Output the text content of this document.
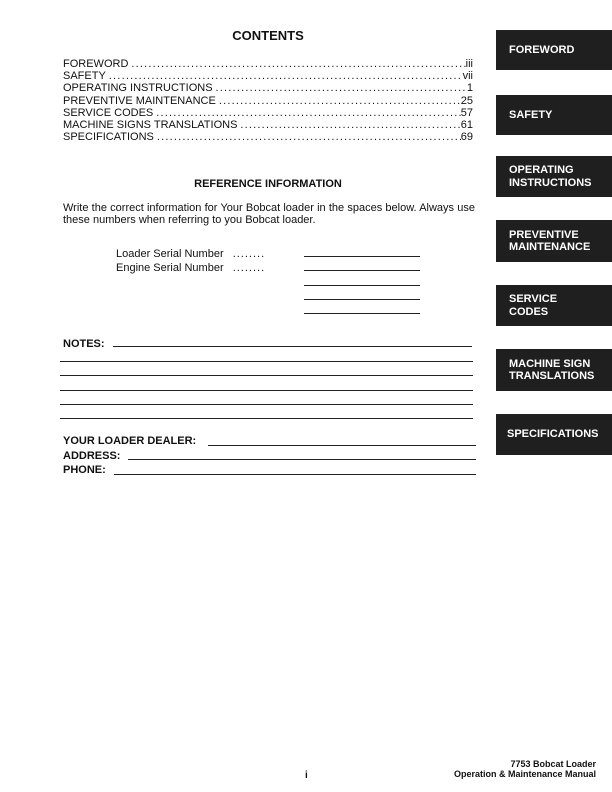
CONTENTS
FOREWORD .....	iii
SAFETY .....	vii
OPERATING INSTRUCTIONS .....	1
PREVENTIVE MAINTENANCE .....	25
SERVICE CODES .....	57
MACHINE SIGNS TRANSLATIONS .....	61
SPECIFICATIONS .....	69
REFERENCE INFORMATION
Write the correct information for Your Bobcat loader in the spaces below. Always use these numbers when referring to you Bobcat loader.
Loader Serial Number ........
Engine Serial Number ........
NOTES:
YOUR LOADER DEALER:
ADDRESS:
PHONE:
FOREWORD
SAFETY
OPERATING
INSTRUCTIONS
PREVENTIVE
MAINTENANCE
SERVICE
CODES
MACHINE SIGN
TRANSLATIONS
SPECIFICATIONS
i
7753 Bobcat Loader
Operation & Maintenance Manual
